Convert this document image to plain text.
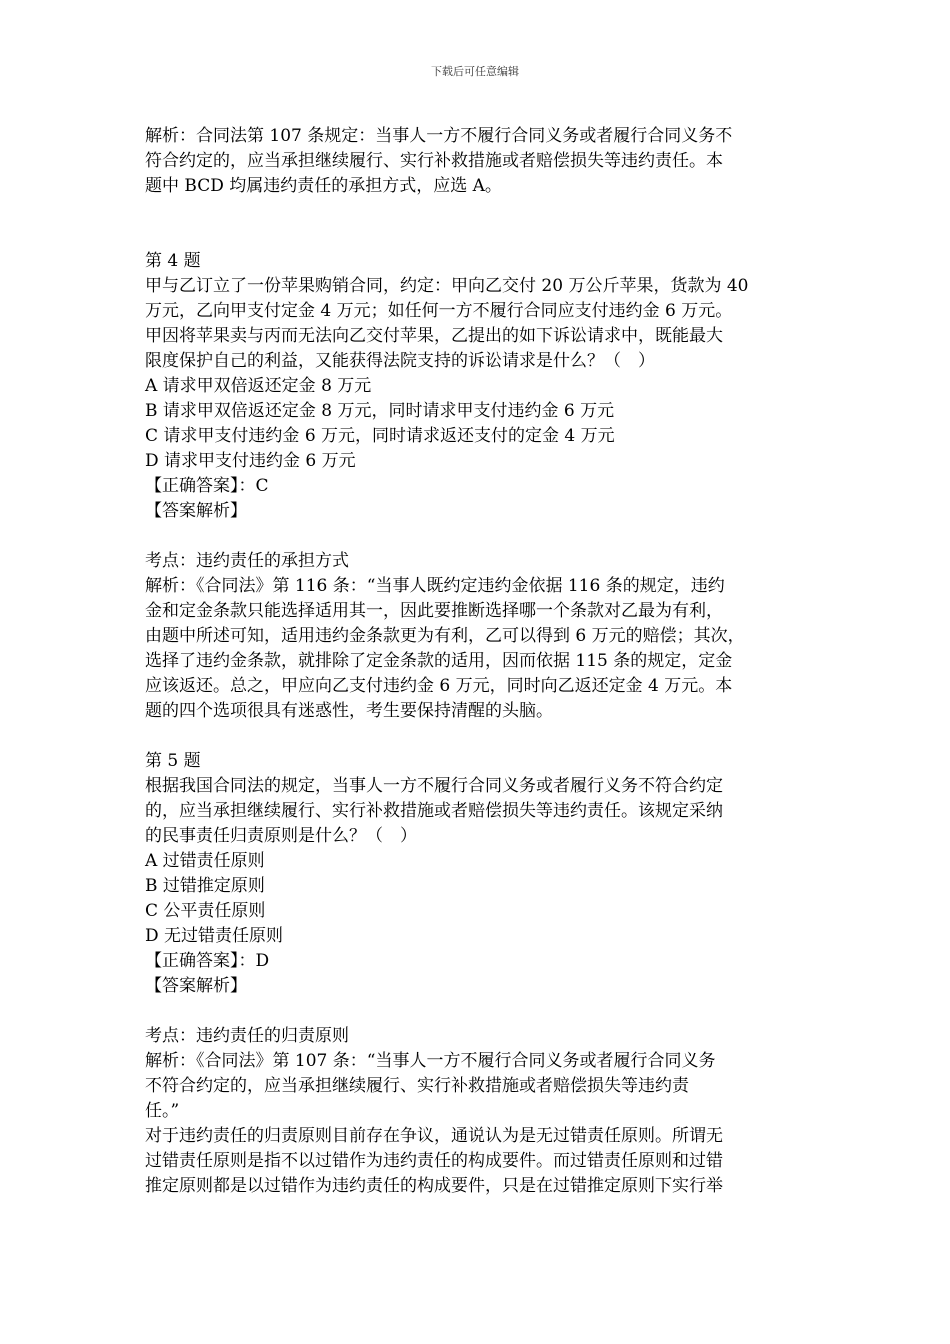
下载后可任意编辑
解析：合同法第 107 条规定：当事人一方不履行合同义务或者履行合同义务不
符合约定的，应当承担继续履行、实行补救措施或者赔偿损失等违约责任。本
题中 BCD 均属违约责任的承担方式，应选 A。
第 4 题
甲与乙订立了一份苹果购销合同，约定：甲向乙交付 20 万公斤苹果，货款为 40
万元，乙向甲支付定金 4 万元；如任何一方不履行合同应支付违约金 6 万元。
甲因将苹果卖与丙而无法向乙交付苹果，乙提出的如下诉讼请求中，既能最大
限度保护自己的利益，又能获得法院支持的诉讼请求是什么？（　）
A 请求甲双倍返还定金 8 万元
B 请求甲双倍返还定金 8 万元，同时请求甲支付违约金 6 万元
C 请求甲支付违约金 6 万元，同时请求返还支付的定金 4 万元
D 请求甲支付违约金 6 万元
【正确答案】：C
【答案解析】
考点：违约责任的承担方式
解析：《合同法》第 116 条：“当事人既约定违约金依据 116 条的规定，违约
金和定金条款只能选择适用其一，因此要推断选择哪一个条款对乙最为有利，
由题中所述可知，适用违约金条款更为有利，乙可以得到 6 万元的赔偿；其次，
选择了违约金条款，就排除了定金条款的适用，因而依据 115 条的规定，定金
应该返还。总之，甲应向乙支付违约金 6 万元，同时向乙返还定金 4 万元。本
题的四个选项很具有迷惑性，考生要保持清醒的头脑。
第 5 题
根据我国合同法的规定，当事人一方不履行合同义务或者履行义务不符合约定
的，应当承担继续履行、实行补救措施或者赔偿损失等违约责任。该规定采纳
的民事责任归责原则是什么？（　）
A 过错责任原则
B 过错推定原则
C 公平责任原则
D 无过错责任原则
【正确答案】：D
【答案解析】
考点：违约责任的归责原则
解析：《合同法》第 107 条：“当事人一方不履行合同义务或者履行合同义务
不符合约定的，应当承担继续履行、实行补救措施或者赔偿损失等违约责
任。”
对于违约责任的归责原则目前存在争议，通说认为是无过错责任原则。所谓无
过错责任原则是指不以过错作为违约责任的构成要件。而过错责任原则和过错
推定原则都是以过错作为违约责任的构成要件，只是在过错推定原则下实行举
